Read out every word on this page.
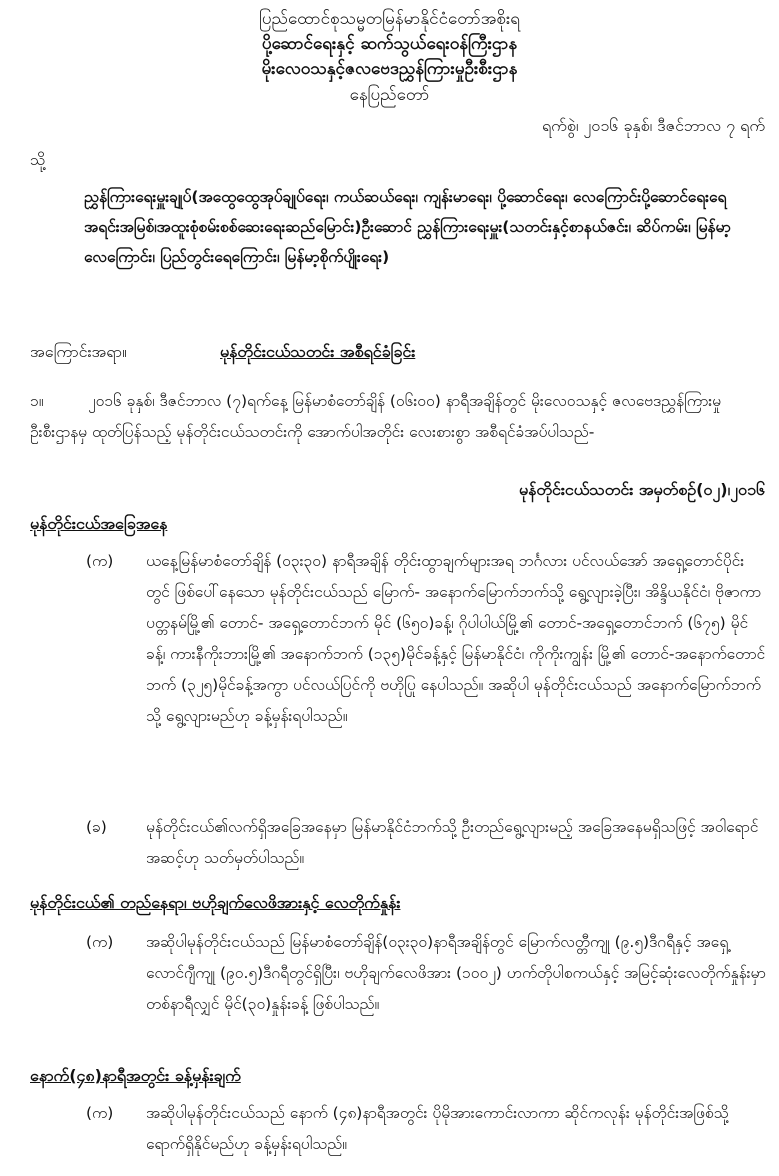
ပြည်ထောင်စုသမ္မတမြန်မာနိုင်ငံတော်အစိုးရ
ပို့ဆောင်ရေးနှင့် ဆက်သွယ်ရေးဝန်ကြီးဌာန
မိုးလေဝသနှင့်ဇလဗေဒညွှန်ကြားမှုဦးစီးဌာန
နေပြည်တော်
ရက်စွဲ၊ ၂၀၁၆ ခုနှစ်၊ ဒီဇင်ဘာလ ၇ ရက်
သို့
ညွှန်ကြားရေးမှူးချုပ်(အထွေထွေအုပ်ချုပ်ရေး၊ ကယ်ဆယ်ရေး၊ ကျန်းမာရေး၊ ပို့ဆောင်ရေး၊ လေကြောင်းပို့ဆောင်ရေးရေအရင်းအမြစ်၊အထူးစုံစမ်းစစ်ဆေးရေးဆည်မြောင်း)ဦးဆောင် ညွှန်ကြားရေးမှူး(သတင်းနှင့်စာနယ်ဇင်း၊ ဆိပ်ကမ်း၊ မြန်မာ့လေကြောင်း၊ ပြည်တွင်းရေကြောင်း၊ မြန်မာ့စိုက်ပျိုးရေး)
အကြောင်းအရာ။	မုန်တိုင်းငယ်သတင်း အစီရင်ခံခြင်း
၁။	၂၀၁၆ ခုနှစ်၊ ဒီဇင်ဘာလ (၇)ရက်နေ့ မြန်မာစံတော်ချိန် (၀၆း၀၀) နာရီအချိန်တွင် မိုးလေဝသနှင့် ဇလဗေဒညွှန်ကြားမှုဦးစီးဌာနမှ ထုတ်ပြန်သည့် မုန်တိုင်းငယ်သတင်းကို အောက်ပါအတိုင်း လေးစားစွာ အစီရင်ခံအပ်ပါသည်-
မုန်တိုင်းငယ်သတင်း အမှတ်စဉ်(၀၂)၊၂၀၁၆
မုန်တိုင်းငယ်အခြေအနေ
(က)	ယနေ့မြန်မာစံတော်ချိန် (၀၃း၃၀) နာရီအချိန် တိုင်းထွာချက်များအရ ဘင်္ဂလား ပင်လယ်အော် အရှေ့တောင်ပိုင်းတွင် ဖြစ်ပေါ်နေသော မုန်တိုင်းငယ်သည် မြောက်- အနောက်မြောက်ဘက်သို့ ရွေ့လျားခဲ့ပြီး၊ အိန္ဒိယနိုင်ငံ၊ ဗိုဇာကာပတ္တနမ်မြို့၏ တောင်- အရှေ့တောင်ဘက် မိုင် (၆၅၀)ခန့်၊ ဂိုပါပါယ်မြို့၏ တောင်-အရှေ့တောင်ဘက် (၆၇၅) မိုင်ခန့်၊ ကားနီကိုးဘားမြို့၏ အနောက်ဘက် (၁၃၅)မိုင်ခန့်နှင့် မြန်မာနိုင်ငံ၊ ကိုကိုးကျွန်း မြို့၏ တောင်-အနောက်တောင်ဘက် (၃၂၅)မိုင်ခန့်အကွာ ပင်လယ်ပြင်ကို ဗဟိုပြု နေပါသည်။ အဆိုပါ မုန်တိုင်းငယ်သည် အနောက်မြောက်ဘက်သို့ ရွေ့လျားမည်ဟု ခန့်မှန်းရပါသည်။
(ခ)	မုန်တိုင်းငယ်၏လက်ရှိအခြေအနေမှာ မြန်မာနိုင်ငံဘက်သို့ ဦးတည်ရွေ့လျားမည့် အခြေအနေမရှိသဖြင့် အဝါရောင်အဆင့်ဟု သတ်မှတ်ပါသည်။
မုန်တိုင်းငယ်၏ တည်နေရာ၊ ဗဟိုချက်လေဖိအားနှင့် လေတိုက်နှုန်း
(က)	အဆိုပါမုန်တိုင်းငယ်သည် မြန်မာစံတော်ချိန်(၀၃း၃၀)နာရီအချိန်တွင် မြောက်လတ္တီကျု (၉.၅)ဒီဂရီနှင့် အရှေ့လောင်ဂျီကျု (၉၀.၅)ဒီဂရီတွင်ရှိပြီး၊ ဗဟိုချက်လေဖိအား (၁၀၀၂) ဟက်တိုပါစကယ်နှင့် အမြင့်ဆုံးလေတိုက်နှုန်းမှာ တစ်နာရီလျှင် မိုင်(၃၀)နှုန်းခန့် ဖြစ်ပါသည်။
နောက်(၄၈)နာရီအတွင်း ခန့်မှန်းချက်
(က)	အဆိုပါမုန်တိုင်းငယ်သည် နောက် (၄၈)နာရီအတွင်း ပိုမိုအားကောင်းလာကာ ဆိုင်ကလုန်း မုန်တိုင်းအဖြစ်သို့ ရောက်ရှိနိုင်မည်ဟု ခန့်မှန်းရပါသည်။
